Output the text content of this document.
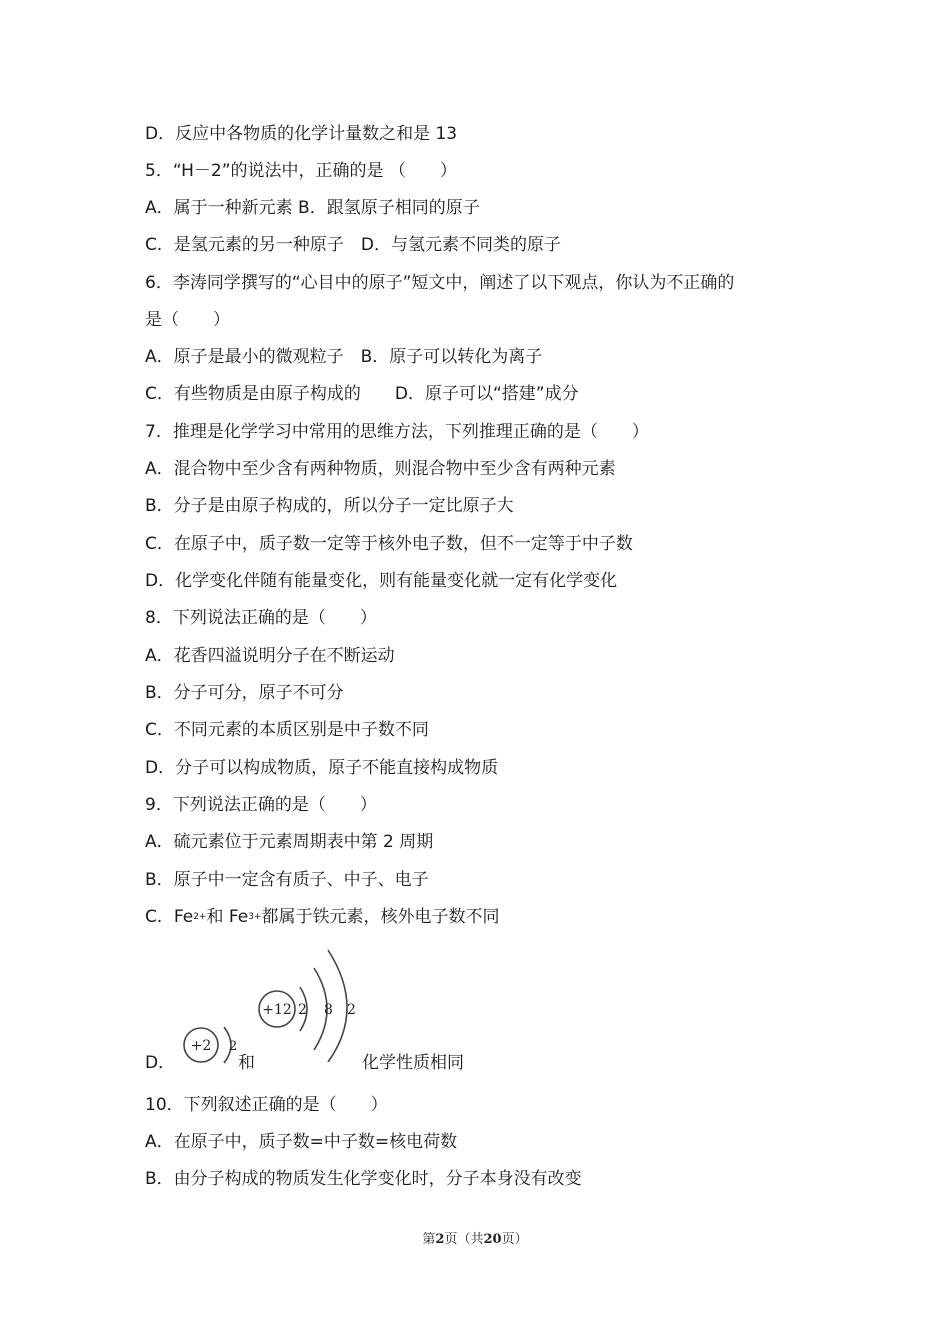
D．反应中各物质的化学计量数之和是 13
5．“H－2”的说法中，正确的是 （　　）
A．属于一种新元素 B．跟氢原子相同的原子
C．是氢元素的另一种原子　D．与氢元素不同类的原子
6．李涛同学撰写的“心目中的原子”短文中，阐述了以下观点，你认为不正确的
是（　　）
A．原子是最小的微观粒子　B．原子可以转化为离子
C．有些物质是由原子构成的　　D．原子可以“搭建”成分
7．推理是化学学习中常用的思维方法，下列推理正确的是（　　）
A．混合物中至少含有两种物质，则混合物中至少含有两种元素
B．分子是由原子构成的，所以分子一定比原子大
C．在原子中，质子数一定等于核外电子数，但不一定等于中子数
D．化学变化伴随有能量变化，则有能量变化就一定有化学变化
8．下列说法正确的是（　　）
A．花香四溢说明分子在不断运动
B．分子可分，原子不可分
C．不同元素的本质区别是中子数不同
D．分子可以构成物质，原子不能直接构成物质
9．下列说法正确的是（　　）
A．硫元素位于元素周期表中第 2 周期
B．原子中一定含有质子、中子、电子
C．$Fe^{2+}$和 $Fe^{3+}$都属于铁元素，核外电子数不同
D．
+2 2
和
+12 2 8 2
化学性质相同
10．下列叙述正确的是（　　）
A．在原子中，质子数=中子数=核电荷数
B．由分子构成的物质发生化学变化时，分子本身没有改变
第2页（共20页）
